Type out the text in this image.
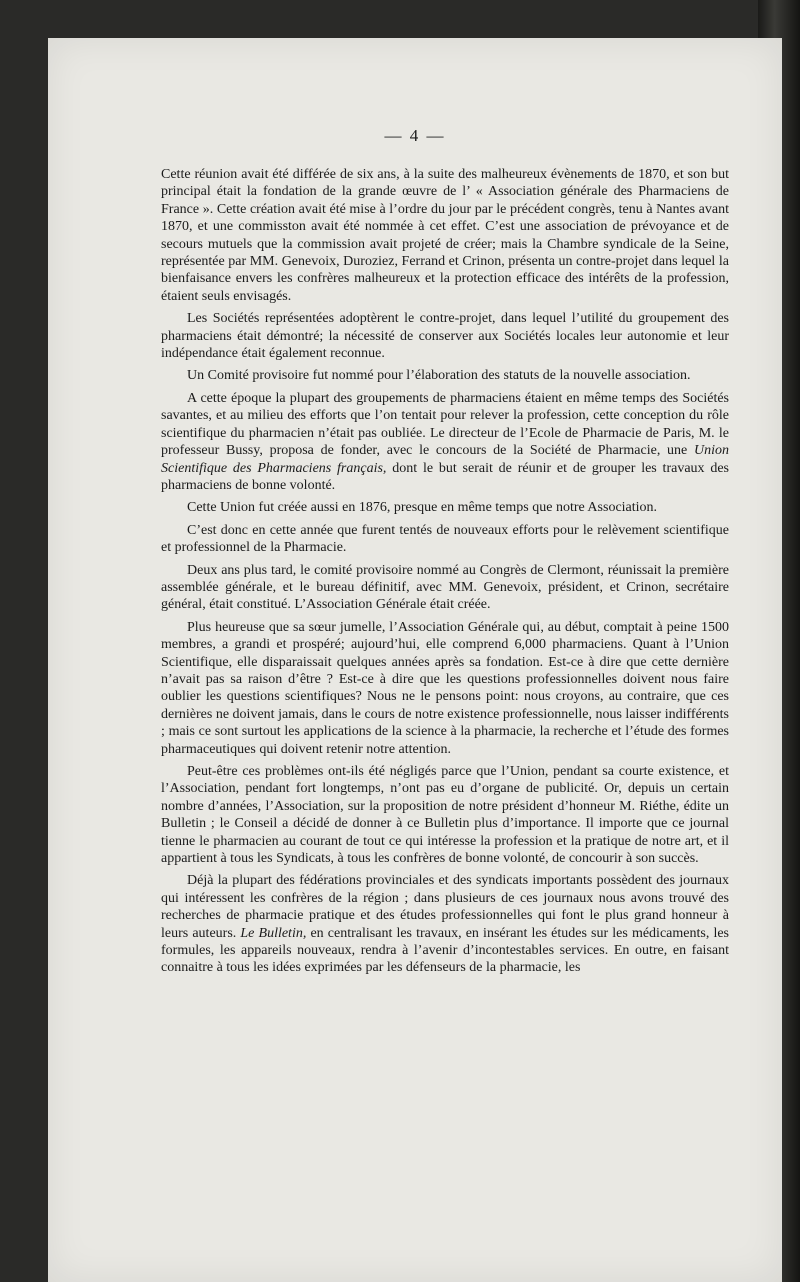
— 4 —

Cette réunion avait été différée de six ans, à la suite des malheureux évènements de 1870, et son but principal était la fondation de la grande œuvre de l’ « Association générale des Pharmaciens de France ». Cette création avait été mise à l’ordre du jour par le précédent congrès, tenu à Nantes avant 1870, et une commisston avait été nommée à cet effet. C’est une association de prévoyance et de secours mutuels que la commission avait projeté de créer; mais la Chambre syndicale de la Seine, représentée par MM. Genevoix, Duroziez, Ferrand et Crinon, présenta un contre-projet dans lequel la bienfaisance envers les confrères malheureux et la protection efficace des intérêts de la profession, étaient seuls envisagés.

Les Sociétés représentées adoptèrent le contre-projet, dans lequel l’utilité du groupement des pharmaciens était démontré; la nécessité de conserver aux Sociétés locales leur autonomie et leur indépendance était également reconnue.

Un Comité provisoire fut nommé pour l’élaboration des statuts de la nouvelle association.

A cette époque la plupart des groupements de pharmaciens étaient en même temps des Sociétés savantes, et au milieu des efforts que l’on tentait pour relever la profession, cette conception du rôle scientifique du pharmacien n’était pas oubliée. Le directeur de l’Ecole de Pharmacie de Paris, M. le professeur Bussy, proposa de fonder, avec le concours de la Société de Pharmacie, une Union Scientifique des Pharmaciens français, dont le but serait de réunir et de grouper les travaux des pharmaciens de bonne volonté.

Cette Union fut créée aussi en 1876, presque en même temps que notre Association.

C’est donc en cette année que furent tentés de nouveaux efforts pour le relèvement scientifique et professionnel de la Pharmacie.

Deux ans plus tard, le comité provisoire nommé au Congrès de Clermont, réunissait la première assemblée générale, et le bureau définitif, avec MM. Genevoix, président, et Crinon, secrétaire général, était constitué. L’Association Générale était créée.

Plus heureuse que sa sœur jumelle, l’Association Générale qui, au début, comptait à peine 1500 membres, a grandi et prospéré; aujourd’hui, elle comprend 6,000 pharmaciens. Quant à l’Union Scientifique, elle disparaissait quelques années après sa fondation. Est-ce à dire que cette dernière n’avait pas sa raison d’être ? Est-ce à dire que les questions professionnelles doivent nous faire oublier les questions scientifiques? Nous ne le pensons point: nous croyons, au contraire, que ces dernières ne doivent jamais, dans le cours de notre existence professionnelle, nous laisser indifférents ; mais ce sont surtout les applications de la science à la pharmacie, la recherche et l’étude des formes pharmaceutiques qui doivent retenir notre attention.

Peut-être ces problèmes ont-ils été négligés parce que l’Union, pendant sa courte existence, et l’Association, pendant fort longtemps, n’ont pas eu d’organe de publicité. Or, depuis un certain nombre d’années, l’Association, sur la proposition de notre président d’honneur M. Riéthe, édite un Bulletin ; le Conseil a décidé de donner à ce Bulletin plus d’importance. Il importe que ce journal tienne le pharmacien au courant de tout ce qui intéresse la profession et la pratique de notre art, et il appartient à tous les Syndicats, à tous les confrères de bonne volonté, de concourir à son succès.

Déjà la plupart des fédérations provinciales et des syndicats importants possèdent des journaux qui intéressent les confrères de la région ; dans plusieurs de ces journaux nous avons trouvé des recherches de pharmacie pratique et des études professionnelles qui font le plus grand honneur à leurs auteurs. Le Bulletin, en centralisant les travaux, en insérant les études sur les médicaments, les formules, les appareils nouveaux, rendra à l’avenir d’incontestables services. En outre, en faisant connaitre à tous les idées exprimées par les défenseurs de la pharmacie, les
